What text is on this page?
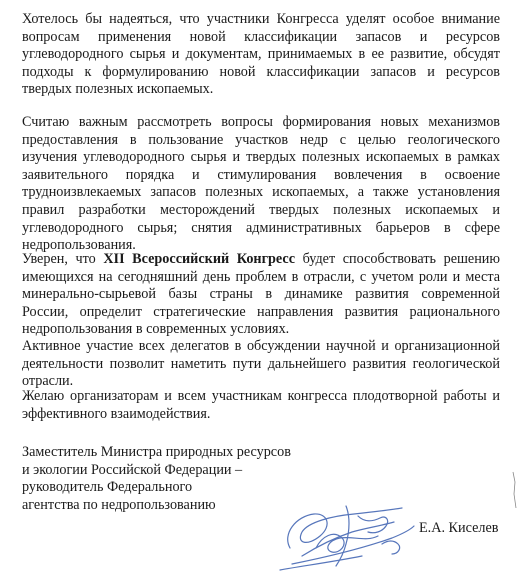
Хотелось бы надеяться, что участники Конгресса уделят особое внимание
вопросам применения новой классификации запасов и ресурсов
углеводородного сырья и документам, принимаемых в ее развитие, обсудят
подходы к формулированию новой классификации запасов и ресурсов
твердых полезных ископаемых.

Считаю важным рассмотреть вопросы формирования новых механизмов
предоставления в пользование участков недр с целью геологического
изучения углеводородного сырья и твердых полезных ископаемых в рамках
заявительного порядка и стимулирования вовлечения в освоение
трудноизвлекаемых запасов полезных ископаемых, а также установления
правил разработки месторождений твердых полезных ископаемых и
углеводородного сырья; снятия административных барьеров в сфере
недропользования.

Уверен, что XII Всероссийский Конгресс будет способствовать решению
имеющихся на сегодняшний день проблем в отрасли, с учетом роли и места
минерально-сырьевой базы страны в динамике развития современной
России, определит стратегические направления развития рационального
недропользования в современных условиях.

Активное участие всех делегатов в обсуждении научной и организационной
деятельности позволит наметить пути дальнейшего развития геологической
отрасли.

Желаю организаторам и всем участникам конгресса плодотворной работы и
эффективного взаимодействия.

Заместитель Министра природных ресурсов
и экологии Российской Федерации –
руководитель Федерального
агентства по недропользованию
Е.А. Киселев
